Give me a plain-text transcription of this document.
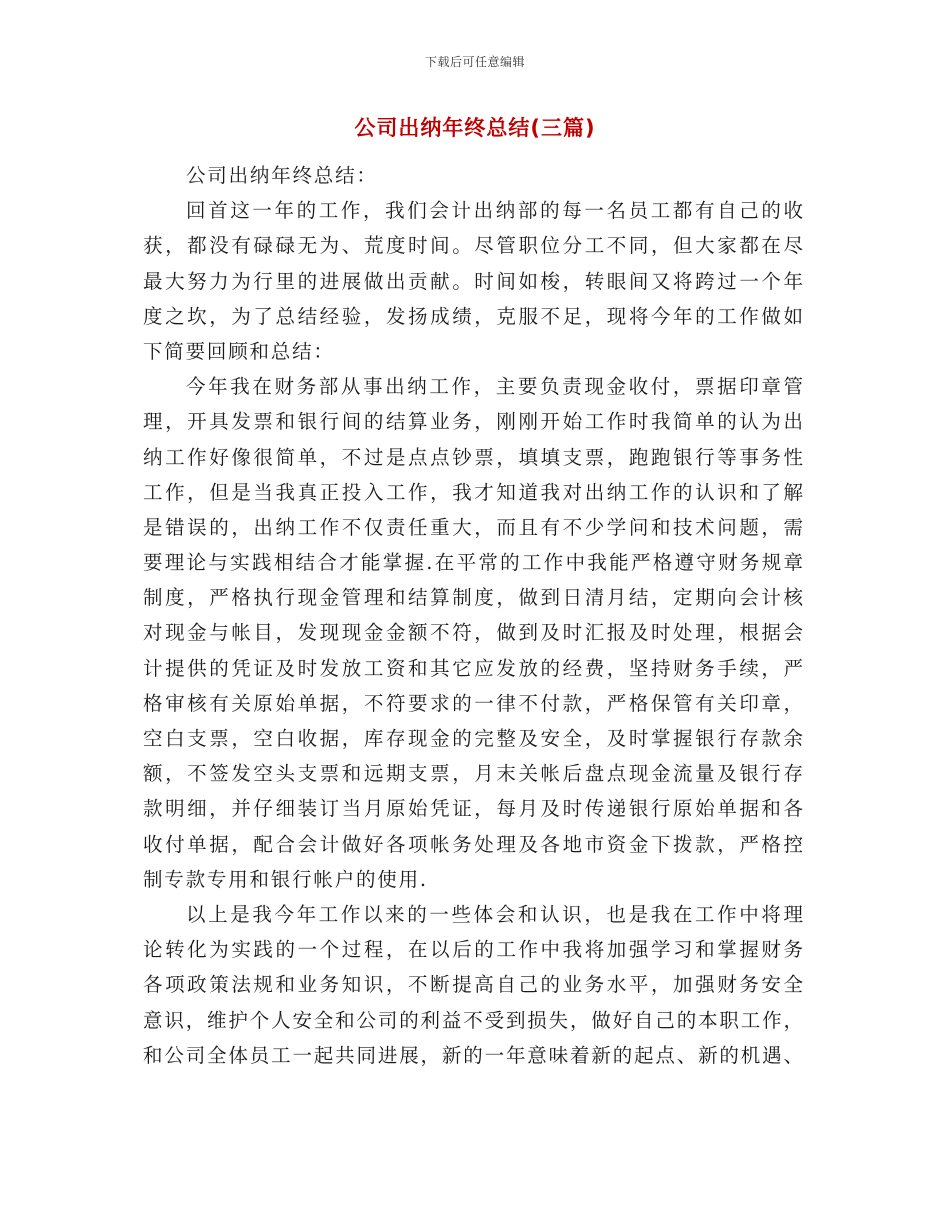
下载后可任意编辑
公司出纳年终总结(三篇)
公司出纳年终总结：
回首这一年的工作，我们会计出纳部的每一名员工都有自己的收
获，都没有碌碌无为、荒度时间。尽管职位分工不同，但大家都在尽
最大努力为行里的进展做出贡献。时间如梭，转眼间又将跨过一个年
度之坎，为了总结经验，发扬成绩，克服不足，现将今年的工作做如
下简要回顾和总结：
今年我在财务部从事出纳工作，主要负责现金收付，票据印章管
理，开具发票和银行间的结算业务，刚刚开始工作时我简单的认为出
纳工作好像很简单，不过是点点钞票，填填支票，跑跑银行等事务性
工作，但是当我真正投入工作，我才知道我对出纳工作的认识和了解
是错误的，出纳工作不仅责任重大，而且有不少学问和技术问题，需
要理论与实践相结合才能掌握.在平常的工作中我能严格遵守财务规章
制度，严格执行现金管理和结算制度，做到日清月结，定期向会计核
对现金与帐目，发现现金金额不符，做到及时汇报及时处理，根据会
计提供的凭证及时发放工资和其它应发放的经费，坚持财务手续，严
格审核有关原始单据，不符要求的一律不付款，严格保管有关印章，
空白支票，空白收据，库存现金的完整及安全，及时掌握银行存款余
额，不签发空头支票和远期支票，月末关帐后盘点现金流量及银行存
款明细，并仔细装订当月原始凭证，每月及时传递银行原始单据和各
收付单据，配合会计做好各项帐务处理及各地市资金下拨款，严格控
制专款专用和银行帐户的使用.
以上是我今年工作以来的一些体会和认识，也是我在工作中将理
论转化为实践的一个过程，在以后的工作中我将加强学习和掌握财务
各项政策法规和业务知识，不断提高自己的业务水平，加强财务安全
意识，维护个人安全和公司的利益不受到损失，做好自己的本职工作，
和公司全体员工一起共同进展，新的一年意味着新的起点、新的机遇、
